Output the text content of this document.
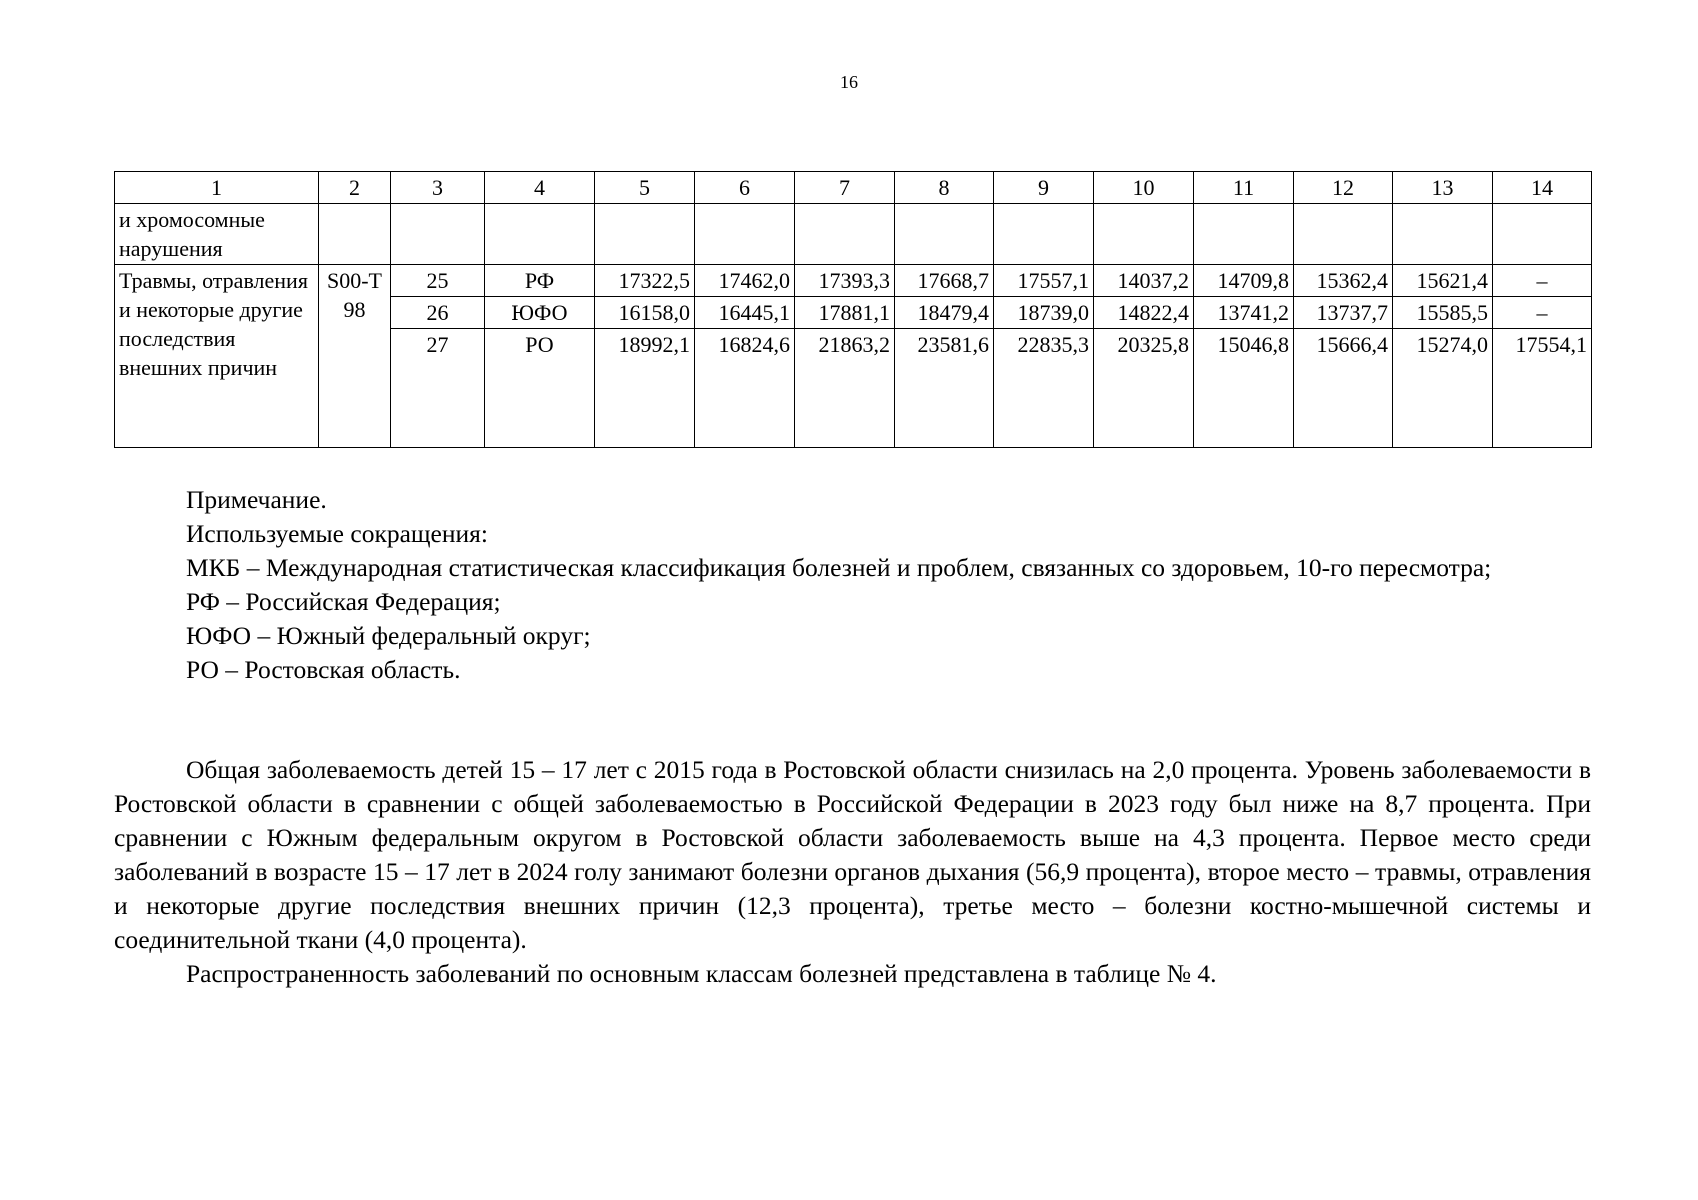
16
1	2	3	4	5	6	7	8	9	10	11	12	13	14
и хромосомные нарушения													
Травмы, отравления и некоторые другие последствия внешних причин	S00-T98	25	РФ	17322,5	17462,0	17393,3	17668,7	17557,1	14037,2	14709,8	15362,4	15621,4	–
		26	ЮФО	16158,0	16445,1	17881,1	18479,4	18739,0	14822,4	13741,2	13737,7	15585,5	–
		27	РО	18992,1	16824,6	21863,2	23581,6	22835,3	20325,8	15046,8	15666,4	15274,0	17554,1

Примечание.

Используемые сокращения:

МКБ – Международная статистическая классификация болезней и проблем, связанных со здоровьем, 10-го пересмотра;

РФ – Российская Федерация;

ЮФО – Южный федеральный округ;

РО – Ростовская область.

Общая заболеваемость детей 15 – 17 лет с 2015 года в Ростовской области снизилась на 2,0 процента. Уровень заболеваемости в Ростовской области в сравнении с общей заболеваемостью в Российской Федерации в 2023 году был ниже на 8,7 процента. При сравнении с Южным федеральным округом в Ростовской области заболеваемость выше на 4,3 процента. Первое место среди заболеваний в возрасте 15 – 17 лет в 2024 голу занимают болезни органов дыхания (56,9 процента), второе место – травмы, отравления и некоторые другие последствия внешних причин (12,3 процента), третье место – болезни костно-мышечной системы и соединительной ткани (4,0 процента).

Распространенность заболеваний по основным классам болезней представлена в таблице № 4.
